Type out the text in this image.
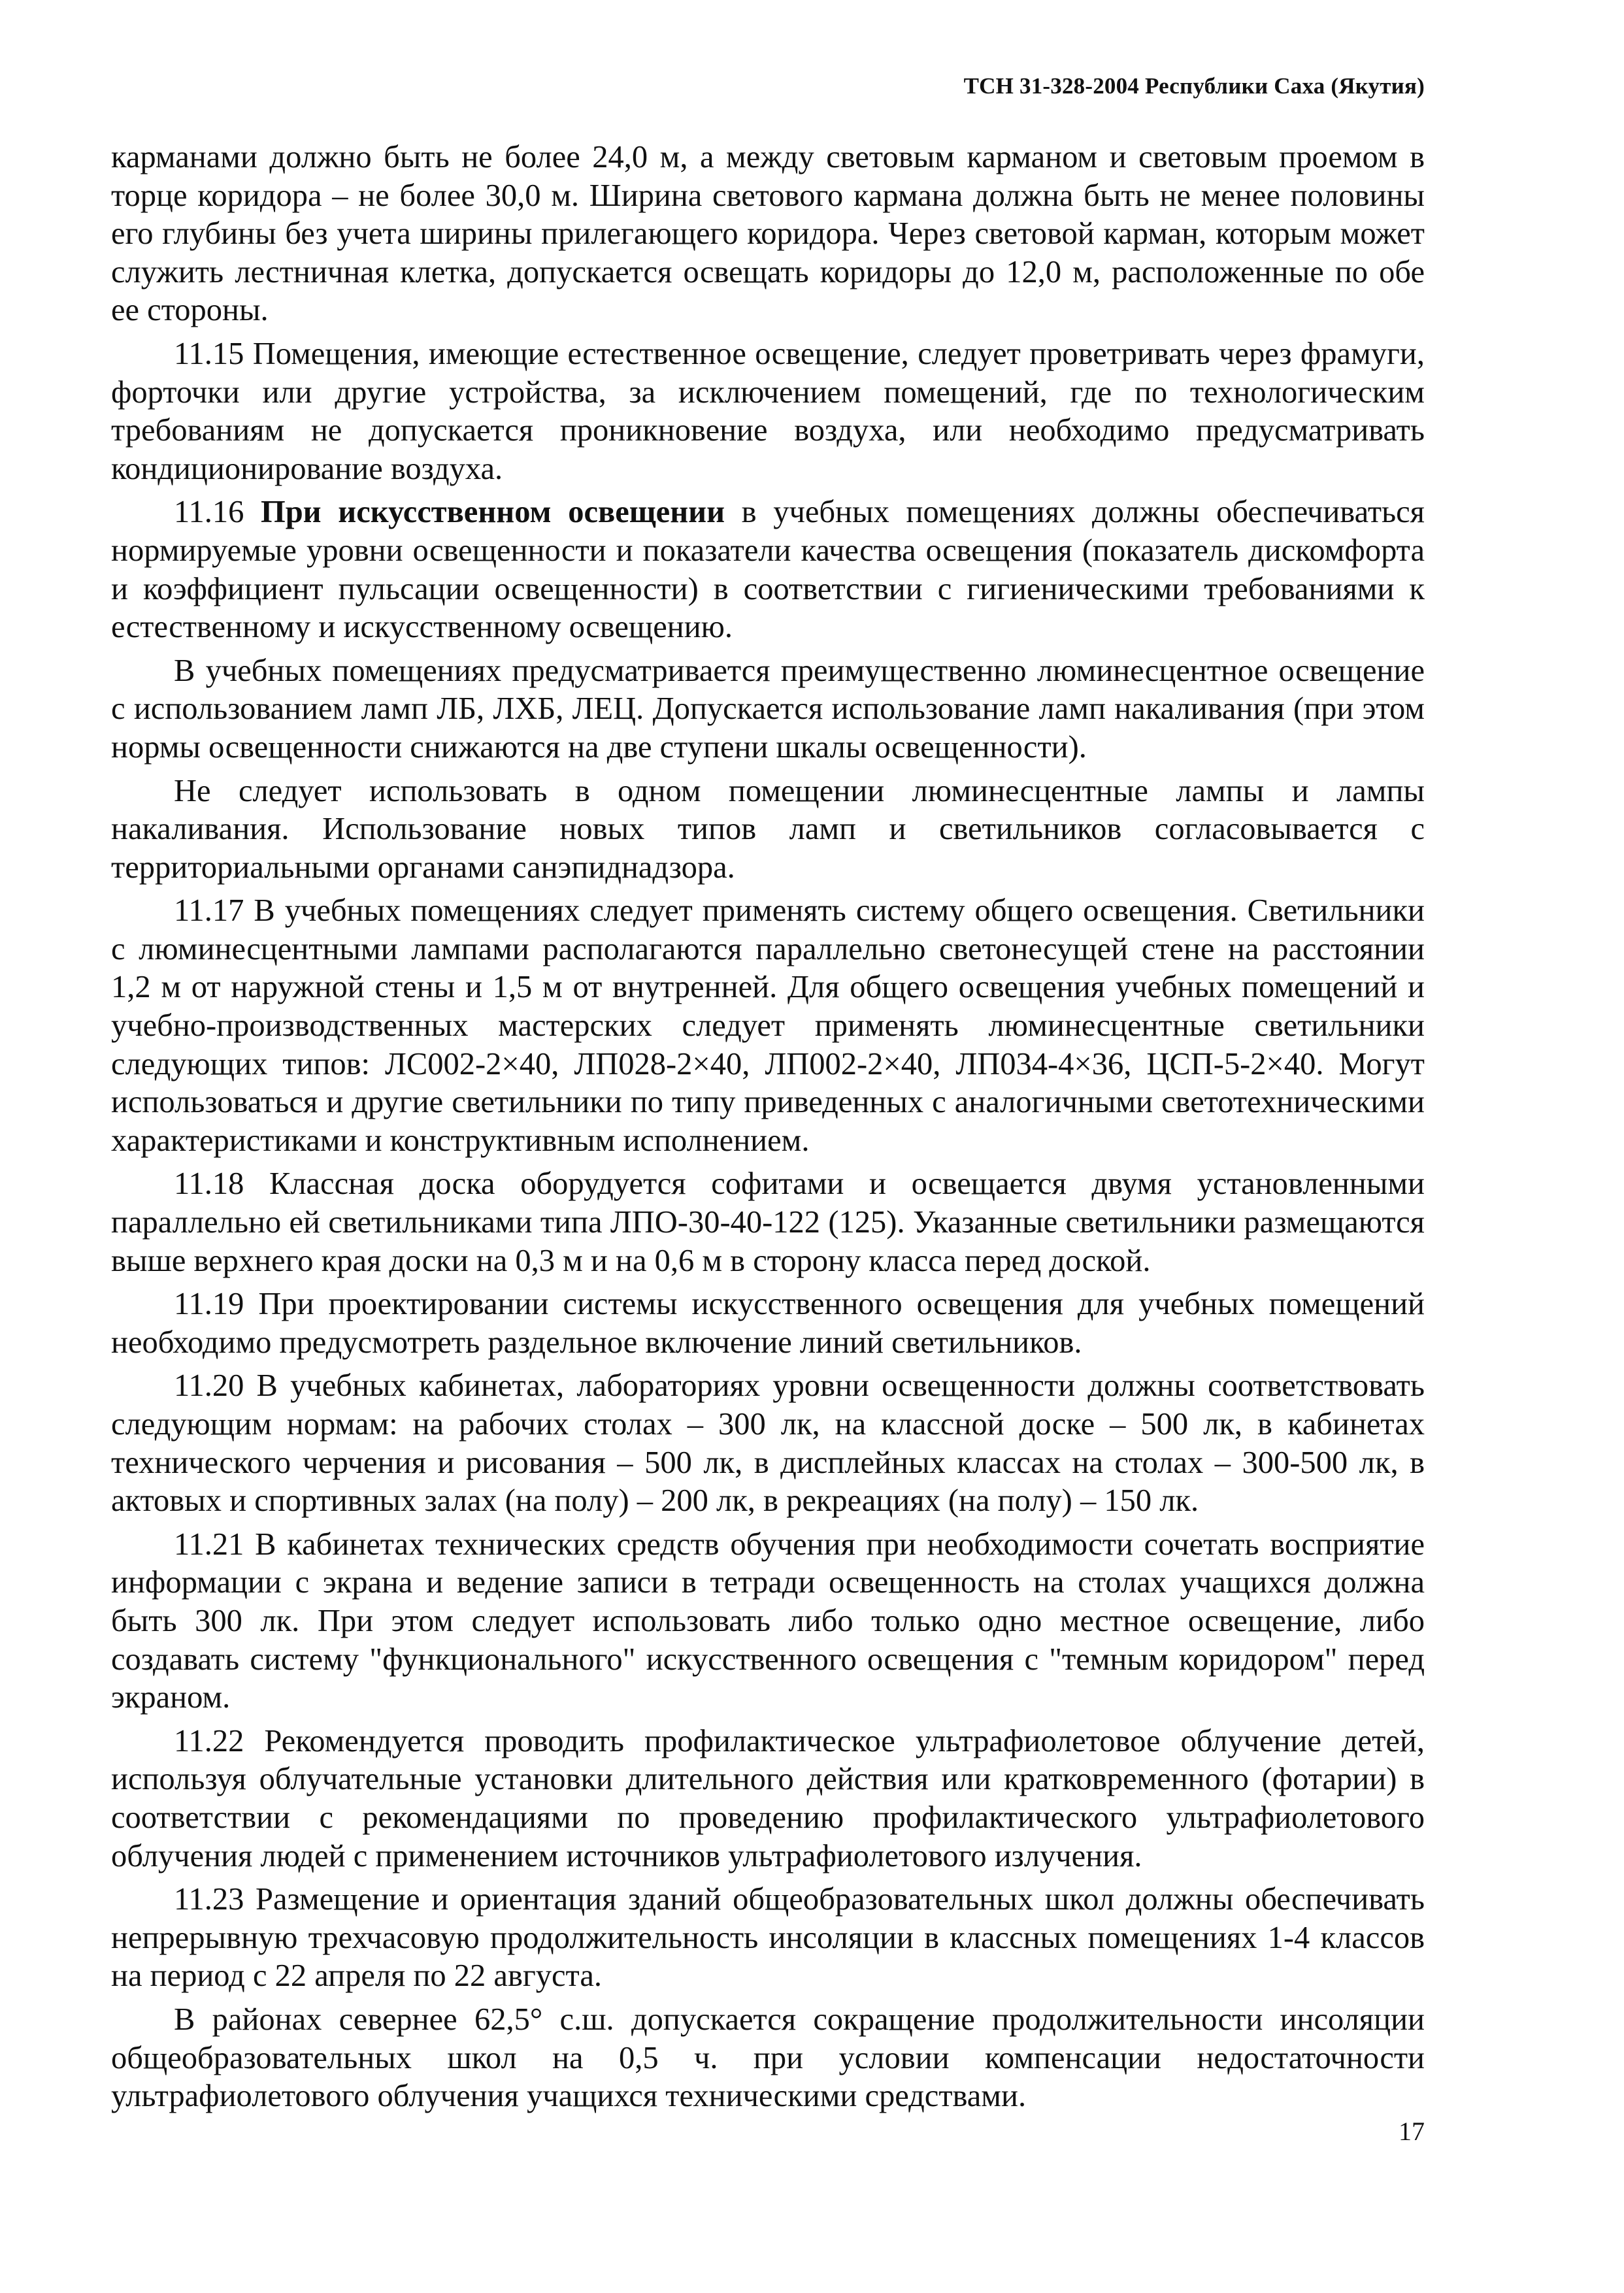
ТСН 31-328-2004 Республики Саха (Якутия)

карманами должно быть не более 24,0 м, а между световым карманом и световым проемом в торце коридора – не более 30,0 м. Ширина светового кармана должна быть не менее половины его глубины без учета ширины прилегающего коридора. Через световой карман, которым может служить лестничная клетка, допускается освещать коридоры до 12,0 м, расположенные по обе ее стороны.

11.15 Помещения, имеющие естественное освещение, следует проветривать через фрамуги, форточки или другие устройства, за исключением помещений, где по технологическим требованиям не допускается проникновение воздуха, или необходимо предусматривать кондиционирование воздуха.

11.16 При искусственном освещении в учебных помещениях должны обеспечиваться нормируемые уровни освещенности и показатели качества освещения (показатель дискомфорта и коэффициент пульсации освещенности) в соответствии с гигиеническими требованиями к естественному и искусственному освещению.

В учебных помещениях предусматривается преимущественно люминесцентное освещение с использованием ламп ЛБ, ЛХБ, ЛЕЦ. Допускается использование ламп накаливания (при этом нормы освещенности снижаются на две ступени шкалы освещенности).

Не следует использовать в одном помещении люминесцентные лампы и лампы накаливания. Использование новых типов ламп и светильников согласовывается с территориальными органами санэпиднадзора.

11.17 В учебных помещениях следует применять систему общего освещения. Светильники с люминесцентными лампами располагаются параллельно светонесущей стене на расстоянии 1,2 м от наружной стены и 1,5 м от внутренней. Для общего освещения учебных помещений и учебно-производственных мастерских следует применять люминесцентные светильники следующих типов: ЛС002-2×40, ЛП028-2×40, ЛП002-2×40, ЛП034-4×36, ЦСП-5-2×40. Могут использоваться и другие светильники по типу приведенных с аналогичными светотехническими характеристиками и конструктивным исполнением.

11.18 Классная доска оборудуется софитами и освещается двумя установленными параллельно ей светильниками типа ЛПО-30-40-122 (125). Указанные светильники размещаются выше верхнего края доски на 0,3 м и на 0,6 м в сторону класса перед доской.

11.19 При проектировании системы искусственного освещения для учебных помещений необходимо предусмотреть раздельное включение линий светильников.

11.20 В учебных кабинетах, лабораториях уровни освещенности должны соответствовать следующим нормам: на рабочих столах – 300 лк, на классной доске – 500 лк, в кабинетах технического черчения и рисования – 500 лк, в дисплейных классах на столах – 300-500 лк, в актовых и спортивных залах (на полу) – 200 лк, в рекреациях (на полу) – 150 лк.

11.21 В кабинетах технических средств обучения при необходимости сочетать восприятие информации с экрана и ведение записи в тетради освещенность на столах учащихся должна быть 300 лк. При этом следует использовать либо только одно местное освещение, либо создавать систему "функционального" искусственного освещения с "темным коридором" перед экраном.

11.22 Рекомендуется проводить профилактическое ультрафиолетовое облучение детей, используя облучательные установки длительного действия или кратковременного (фотарии) в соответствии с рекомендациями по проведению профилактического ультрафиолетового облучения людей с применением источников ультрафиолетового излучения.

11.23 Размещение и ориентация зданий общеобразовательных школ должны обеспечивать непрерывную трехчасовую продолжительность инсоляции в классных помещениях 1-4 классов на период с 22 апреля по 22 августа.

В районах севернее 62,5° с.ш. допускается сокращение продолжительности инсоляции общеобразовательных школ на 0,5 ч. при условии компенсации недостаточности ультрафиолетового облучения учащихся техническими средствами.

17
